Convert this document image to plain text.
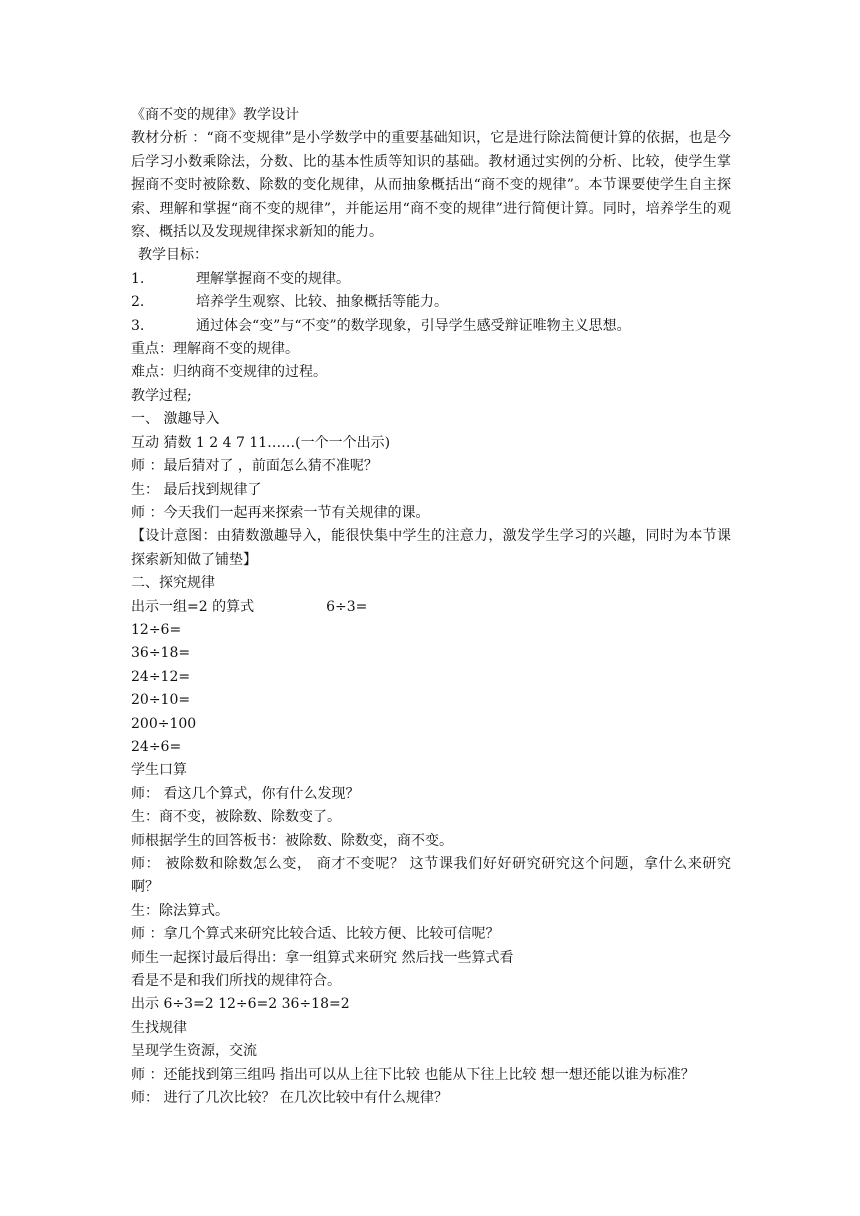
《商不变的规律》教学设计
教材分析 ：“商不变规律”是小学数学中的重要基础知识，它是进行除法简便计算的依据，也是今后学习小数乘除法，分数、比的基本性质等知识的基础。教材通过实例的分析、比较，使学生掌握商不变时被除数、除数的变化规律，从而抽象概括出“商不变的规律”。本节课要使学生自主探索、理解和掌握“商不变的规律”，并能运用“商不变的规律”进行简便计算。同时，培养学生的观察、概括以及发现规律探求新知的能力。
教学目标：
1.	理解掌握商不变的规律。
2.	培养学生观察、比较、抽象概括等能力。
3.	通过体会“变”与“不变”的数学现象，引导学生感受辩证唯物主义思想。
重点：理解商不变的规律。
难点：归纳商不变规律的过程。
教学过程;
一、 激趣导入
互动 猜数 1 2 4 7 11……(一个一个出示)
师 ：最后猜对了 ，前面怎么猜不准呢？
生： 最后找到规律了
师 ：今天我们一起再来探索一节有关规律的课。
【设计意图：由猜数激趣导入，能很快集中学生的注意力，激发学生学习的兴趣，同时为本节课探索新知做了铺垫】
二、探究规律
出示一组=2 的算式	6÷3=
12÷6=
36÷18=
24÷12=
20÷10=
200÷100
24÷6=
学生口算
师： 看这几个算式，你有什么发现？
生：商不变，被除数、除数变了。
师根据学生的回答板书：被除数、除数变，商不变。
师： 被除数和除数怎么变， 商才不变呢？ 这节课我们好好研究研究这个问题，拿什么来研究啊？
生：除法算式。
师 ：拿几个算式来研究比较合适、比较方便、比较可信呢？
师生一起探讨最后得出：拿一组算式来研究 然后找一些算式看
看是不是和我们所找的规律符合。
出示 6÷3=2 12÷6=2 36÷18=2
生找规律
呈现学生资源，交流
师 ：还能找到第三组吗 指出可以从上往下比较 也能从下往上比较 想一想还能以谁为标准？
师： 进行了几次比较？ 在几次比较中有什么规律？
